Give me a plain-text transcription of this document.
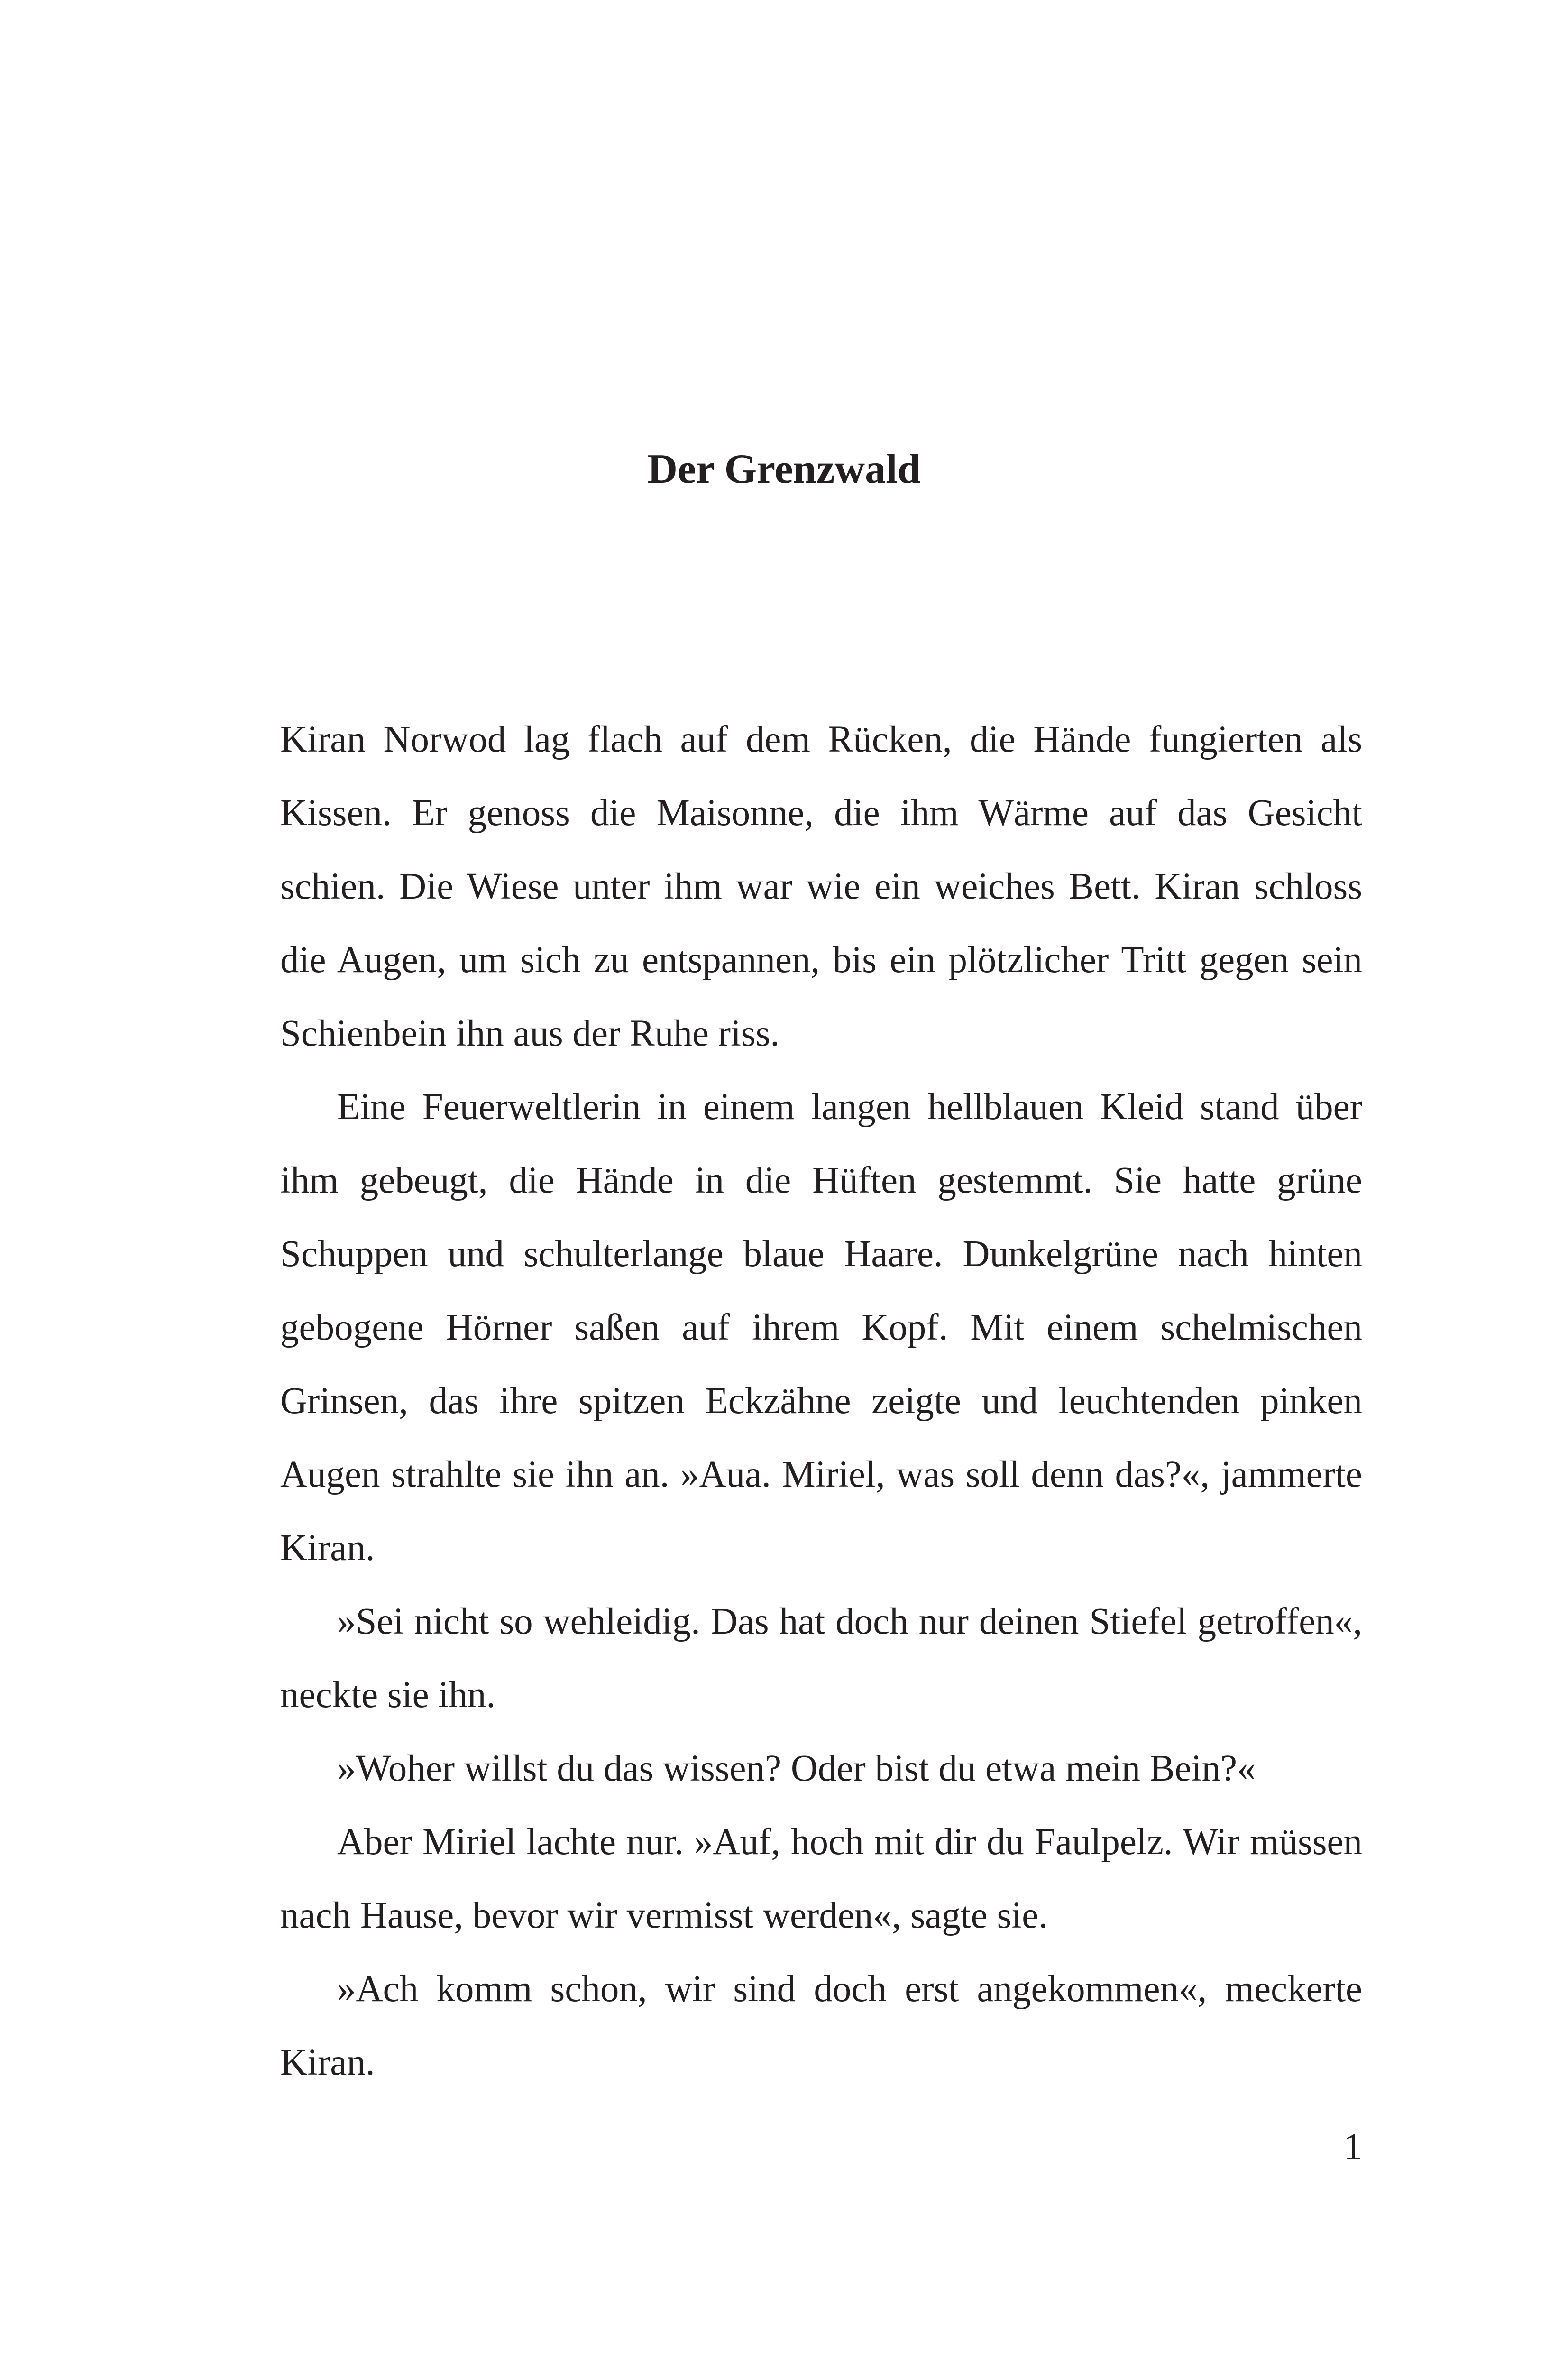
Der Grenzwald

Kiran Norwod lag flach auf dem Rücken, die Hände fungierten als Kissen. Er genoss die Maisonne, die ihm Wärme auf das Gesicht schien. Die Wiese unter ihm war wie ein weiches Bett. Kiran schloss die Augen, um sich zu entspannen, bis ein plötzlicher Tritt gegen sein Schienbein ihn aus der Ruhe riss.

Eine Feuerweltlerin in einem langen hellblauen Kleid stand über ihm gebeugt, die Hände in die Hüften gestemmt. Sie hatte grüne Schuppen und schulterlange blaue Haare. Dunkelgrüne nach hinten gebogene Hörner saßen auf ihrem Kopf. Mit einem schelmischen Grinsen, das ihre spitzen Eckzähne zeigte und leuchtenden pinken Augen strahlte sie ihn an. »Aua. Miriel, was soll denn das?«, jammerte Kiran.

»Sei nicht so wehleidig. Das hat doch nur deinen Stiefel getroffen«, neckte sie ihn.

»Woher willst du das wissen? Oder bist du etwa mein Bein?«

Aber Miriel lachte nur. »Auf, hoch mit dir du Faulpelz. Wir müssen nach Hause, bevor wir vermisst werden«, sagte sie.

»Ach komm schon, wir sind doch erst angekommen«, meckerte Kiran.

1
